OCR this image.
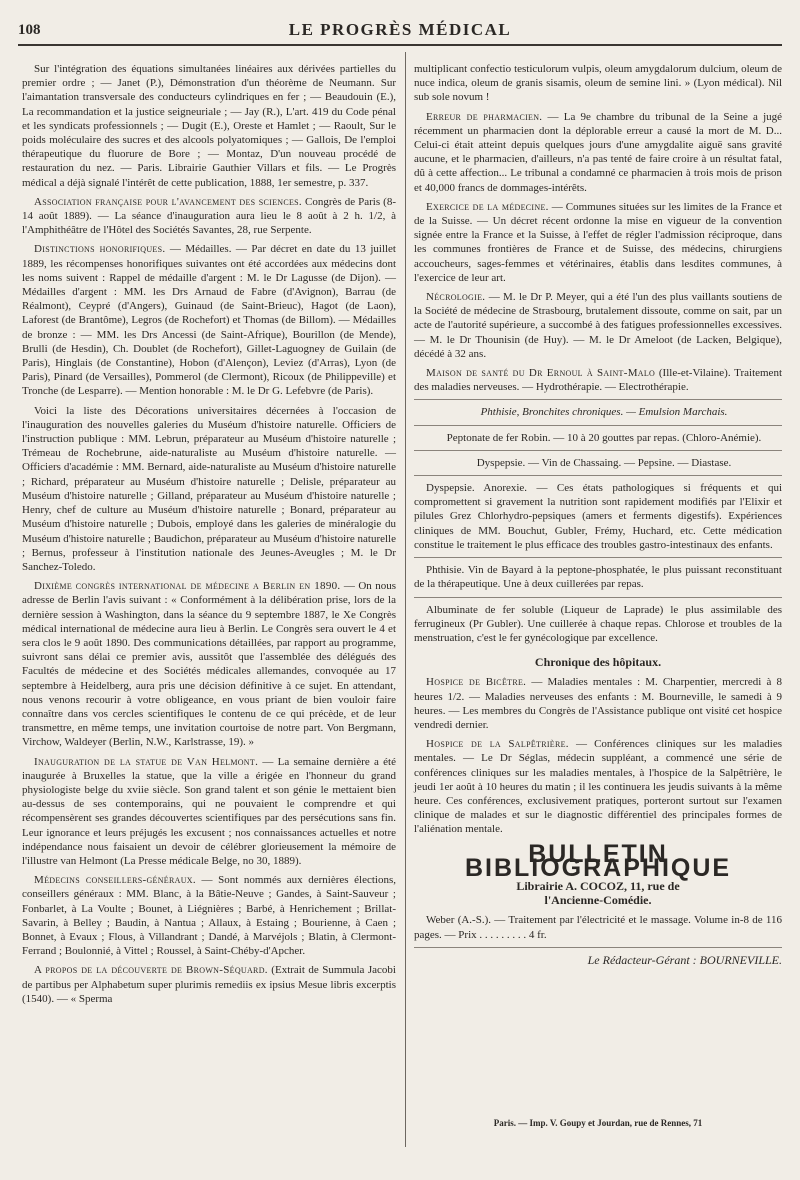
108	LE PROGRÈS MÉDICAL

Sur l'intégration des équations simultanées linéaires aux dérivées partielles du premier ordre ; — Janet (P.), Démonstration d'un théorème de Neumann. Sur l'aimantation transversale des conducteurs cylindriques en fer ; — Beaudouin (E.), La recommandation et la justice seigneuriale ; — Jay (R.), L'art. 419 du Code pénal et les syndicats professionnels ; — Dugit (E.), Oreste et Hamlet ; — Raoult, Sur le poids moléculaire des sucres et des alcools polyatomiques ; — Gallois, De l'emploi thérapeutique du fluorure de Bore ; — Montaz, D'un nouveau procédé de restauration du nez. — Paris. Librairie Gauthier Villars et fils. — Le Progrès médical a déjà signalé l'intérêt de cette publication, 1888, 1er semestre, p. 337.

Association française pour l'avancement des sciences. Congrès de Paris (8-14 août 1889). — La séance d'inauguration aura lieu le 8 août à 2 h. 1/2, à l'Amphithéâtre de l'Hôtel des Sociétés Savantes, 28, rue Serpente.

Distinctions honorifiques. — Médailles. — Par décret en date du 13 juillet 1889, les récompenses honorifiques suivantes ont été accordées aux médecins dont les noms suivent : Rappel de médaille d'argent : M. le Dr Lagusse (de Dijon). — Médailles d'argent : MM. les Drs Arnaud de Fabre (d'Avignon), Barrau (de Réalmont), Ceypré (d'Angers), Guinaud (de Saint-Brieuc), Hagot (de Laon), Laforest (de Brantôme), Legros (de Rochefort) et Thomas (de Billom). — Médailles de bronze : — MM. les Drs Ancessi (de Saint-Afrique), Bourillon (de Mende), Brulli (de Hesdin), Ch. Doublet (de Rochefort), Gillet-Laguogney de Guilain (de Paris), Hinglais (de Constantine), Hobon (d'Alençon), Leviez (d'Arras), Lyon (de Paris), Pinard (de Versailles), Pommerol (de Clermont), Ricoux (de Philippeville) et Tronche (de Lesparre). — Mention honorable : M. le Dr G. Lefebvre (de Paris).

Voici la liste des Décorations universitaires décernées à l'occasion de l'inauguration des nouvelles galeries du Muséum d'histoire naturelle. Officiers de l'instruction publique : MM. Lebrun, préparateur au Muséum d'histoire naturelle ; Trémeau de Rochebrune, aide-naturaliste au Muséum d'histoire naturelle. — Officiers d'académie : MM. Bernard, aide-naturaliste au Muséum d'histoire naturelle ; Richard, préparateur au Muséum d'histoire naturelle ; Delisle, préparateur au Muséum d'histoire naturelle ; Gilland, préparateur au Muséum d'histoire naturelle ; Henry, chef de culture au Muséum d'histoire naturelle ; Bonard, préparateur au Muséum d'histoire naturelle ; Dubois, employé dans les galeries de minéralogie du Muséum d'histoire naturelle ; Baudichon, préparateur au Muséum d'histoire naturelle ; Bernus, professeur à l'institution nationale des Jeunes-Aveugles ; M. le Dr Sanchez-Toledo.

Dixième congrès international de médecine a Berlin en 1890. — On nous adresse de Berlin l'avis suivant : « Conformément à la délibération prise, lors de la dernière session à Washington, dans la séance du 9 septembre 1887, le Xe Congrès médical international de médecine aura lieu à Berlin. Le Congrès sera ouvert le 4 et sera clos le 9 août 1890. Des communications détaillées, par rapport au programme, suivront sans délai ce premier avis, aussitôt que l'assemblée des délégués des Facultés de médecine et des Sociétés médicales allemandes, convoquée au 17 septembre à Heidelberg, aura pris une décision définitive à ce sujet. En attendant, nous venons recourir à votre obligeance, en vous priant de bien vouloir faire connaître dans vos cercles scientifiques le contenu de ce qui précède, et de leur transmettre, en même temps, une invitation courtoise de notre part. Von Bergmann, Virchow, Waldeyer (Berlin, N.W., Karlstrasse, 19). »

Inauguration de la statue de Van Helmont. — La semaine dernière a été inaugurée à Bruxelles la statue, que la ville a érigée en l'honneur du grand physiologiste belge du xviie siècle. Son grand talent et son génie le mettaient bien au-dessus de ses contemporains, qui ne pouvaient le comprendre et qui récompensèrent ses grandes découvertes scientifiques par des persécutions sans fin. Leur ignorance et leurs préjugés les excusent ; nos connaissances actuelles et notre indépendance nous faisaient un devoir de célébrer glorieusement la mémoire de l'illustre van Helmont (La Presse médicale Belge, no 30, 1889).

Médecins conseillers-généraux. — Sont nommés aux dernières élections, conseillers généraux : MM. Blanc, à la Bâtie-Neuve ; Gandes, à Saint-Sauveur ; Fonbarlet, à La Voulte ; Bounet, à Liégnières ; Barbé, à Henrichement ; Brillat-Savarin, à Belley ; Baudin, à Nantua ; Allaux, à Estaing ; Bourienne, à Caen ; Bonnet, à Evaux ; Flous, à Villandrant ; Dandé, à Marvéjols ; Blatin, à Clermont-Ferrand ; Boulonnié, à Vittel ; Roussel, à Saint-Chéby-d'Apcher.

A propos de la découverte de Brown-Séquard. (Extrait de Summula Jacobi de partibus per Alphabetum super plurimis remediis ex ipsius Mesue libris excerptis (1540). — « Sperma

multiplicant confectio testiculorum vulpis, oleum amygdalorum dulcium, oleum de nuce indica, oleum de granis sisamis, oleum de semine lini. » (Lyon médical). Nil sub sole novum !

Erreur de pharmacien. — La 9e chambre du tribunal de la Seine a jugé récemment un pharmacien dont la déplorable erreur a causé la mort de M. D... Celui-ci était atteint depuis quelques jours d'une amygdalite aiguë sans gravité aucune, et le pharmacien, d'ailleurs, n'a pas tenté de faire croire à un résultat fatal, dû à cette affection... Le tribunal a condamné ce pharmacien à trois mois de prison et 40,000 francs de dommages-intérêts.

Exercice de la médecine. — Communes situées sur les limites de la France et de la Suisse. — Un décret récent ordonne la mise en vigueur de la convention signée entre la France et la Suisse, à l'effet de régler l'admission réciproque, dans les communes frontières de France et de Suisse, des médecins, chirurgiens accoucheurs, sages-femmes et vétérinaires, établis dans lesdites communes, à l'exercice de leur art.

Nécrologie. — M. le Dr P. Meyer, qui a été l'un des plus vaillants soutiens de la Société de médecine de Strasbourg, brutalement dissoute, comme on sait, par un acte de l'autorité supérieure, a succombé à des fatigues professionnelles excessives. — M. le Dr Thounisin (de Huy). — M. le Dr Ameloot (de Lacken, Belgique), décédé à 32 ans.

Maison de santé du Dr Ernoul à Saint-Malo (Ille-et-Vilaine). Traitement des maladies nerveuses. — Hydrothérapie. — Electrothérapie.

Phthisie, Bronchites chroniques. — Emulsion Marchais.

Peptonate de fer Robin. — 10 à 20 gouttes par repas. (Chloro-Anémie).

Dyspepsie. — Vin de Chassaing. — Pepsine. — Diastase.

Dyspepsie. Anorexie. — Ces états pathologiques si fréquents et qui compromettent si gravement la nutrition sont rapidement modifiés par l'Elixir et pilules Grez Chlorhydro-pepsiques (amers et ferments digestifs). Expériences cliniques de MM. Bouchut, Gubler, Frémy, Huchard, etc. Cette médication constitue le traitement le plus efficace des troubles gastro-intestinaux des enfants.

Phthisie. Vin de Bayard à la peptone-phosphatée, le plus puissant reconstituant de la thérapeutique. Une à deux cuillerées par repas.

Albuminate de fer soluble (Liqueur de Laprade) le plus assimilable des ferrugineux (Pr Gubler). Une cuillerée à chaque repas. Chlorose et troubles de la menstruation, c'est le fer gynécologique par excellence.

Chronique des hôpitaux.

Hospice de Bicêtre. — Maladies mentales : M. Charpentier, mercredi à 8 heures 1/2. — Maladies nerveuses des enfants : M. Bourneville, le samedi à 9 heures. — Les membres du Congrès de l'Assistance publique ont visité cet hospice vendredi dernier.

Hospice de la Salpêtrière. — Conférences cliniques sur les maladies mentales. — Le Dr Séglas, médecin suppléant, a commencé une série de conférences cliniques sur les maladies mentales, à l'hospice de la Salpêtrière, le jeudi 1er août à 10 heures du matin ; il les continuera les jeudis suivants à la même heure. Ces conférences, exclusivement pratiques, porteront surtout sur l'examen clinique de malades et sur le diagnostic différentiel des principales formes de l'aliénation mentale.

BULLETIN BIBLIOGRAPHIQUE
Librairie A. COCOZ, 11, rue de
l'Ancienne-Comédie.

Weber (A.-S.). — Traitement par l'électricité et le massage. Volume in-8 de 116 pages. — Prix . . . . . . . . . 4 fr.

Le Rédacteur-Gérant : BOURNEVILLE.

Paris. — Imp. V. Goupy et Jourdan, rue de Rennes, 71
